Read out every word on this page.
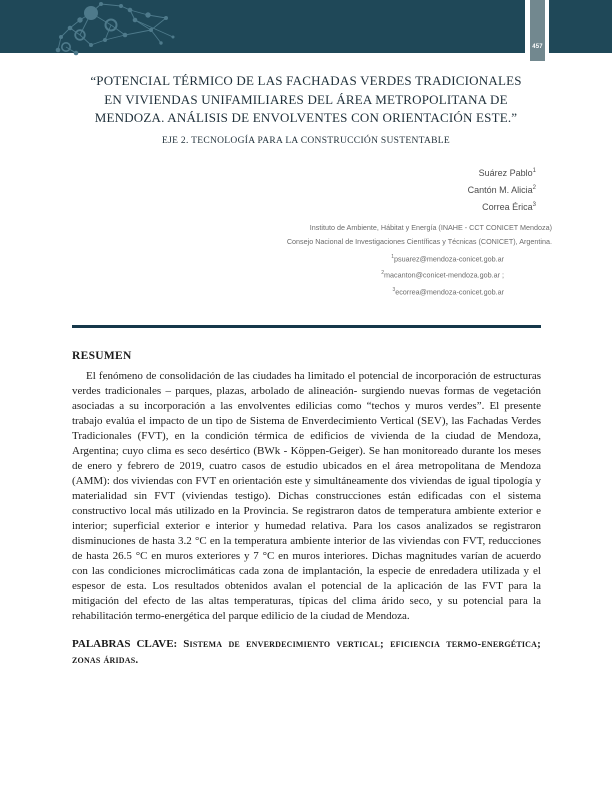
457
“POTENCIAL TÉRMICO DE LAS FACHADAS VERDES TRADICIONALES EN VIVIENDAS UNIFAMILIARES DEL ÁREA METROPOLITANA DE MENDOZA. ANÁLISIS DE ENVOLVENTES CON ORIENTACIÓN ESTE.”
EJE 2. TECNOLOGÍA PARA LA CONSTRUCCIÓN SUSTENTABLE
Suárez Pablo$^1$
Cantón M. Alicia$^2$
Correa Érica$^3$
Instituto de Ambiente, Hábitat y Energía (INAHE - CCT CONICET Mendoza)
Consejo Nacional de Investigaciones Científicas y Técnicas (CONICET), Argentina.
$^1$psuarez@mendoza-conicet.gob.ar
$^2$macanton@conicet-mendoza.gob.ar ;
$^3$ecorrea@mendoza-conicet.gob.ar
RESUMEN

El fenómeno de consolidación de las ciudades ha limitado el potencial de incorporación de estructuras verdes tradicionales – parques, plazas, arbolado de alineación- surgiendo nuevas formas de vegetación asociadas a su incorporación a las envolventes edilicias como “techos y muros verdes”. El presente trabajo evalúa el impacto de un tipo de Sistema de Enverdecimiento Vertical (SEV), las Fachadas Verdes Tradicionales (FVT), en la condición térmica de edificios de vivienda de la ciudad de Mendoza, Argentina; cuyo clima es seco desértico (BWk - Köppen-Geiger). Se han monitoreado durante los meses de enero y febrero de 2019, cuatro casos de estudio ubicados en el área metropolitana de Mendoza (AMM): dos viviendas con FVT en orientación este y simultáneamente dos viviendas de igual tipología y materialidad sin FVT (viviendas testigo). Dichas construcciones están edificadas con el sistema constructivo local más utilizado en la Provincia. Se registraron datos de temperatura ambiente exterior e interior; superficial exterior e interior y humedad relativa. Para los casos analizados se registraron disminuciones de hasta 3.2 °C en la temperatura ambiente interior de las viviendas con FVT, reducciones de hasta 26.5 °C en muros exteriores y 7 °C en muros interiores. Dichas magnitudes varían de acuerdo con las condiciones microclimáticas cada zona de implantación, la especie de enredadera utilizada y el espesor de esta. Los resultados obtenidos avalan el potencial de la aplicación de las FVT para la mitigación del efecto de las altas temperaturas, típicas del clima árido seco, y su potencial para la rehabilitación termo-energética del parque edilicio de la ciudad de Mendoza.

PALABRAS CLAVE: Sistema de enverdecimiento vertical; eficiencia termo-energética; zonas áridas.
